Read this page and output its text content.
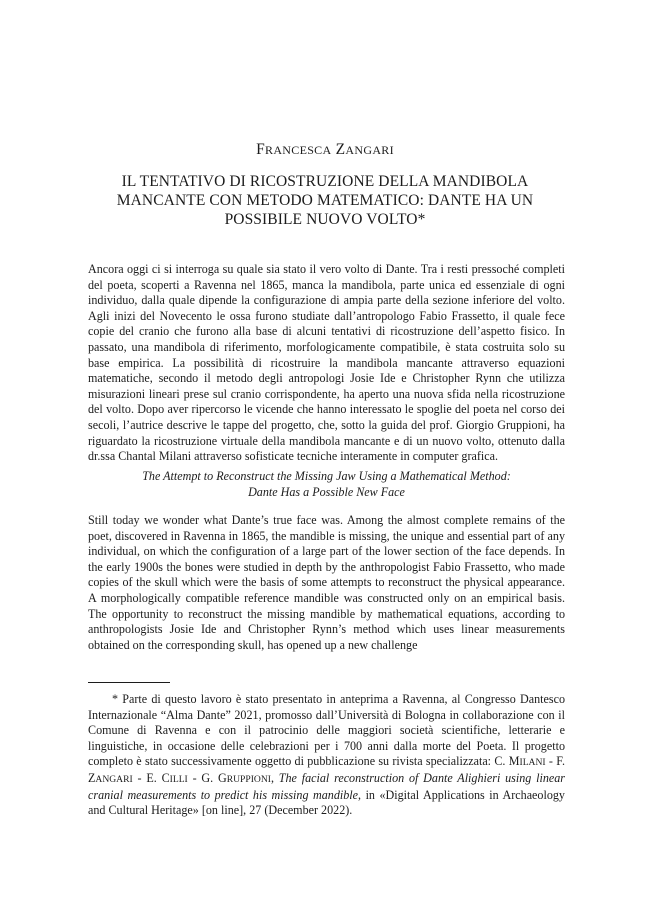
FRANCESCA ZANGARI
IL TENTATIVO DI RICOSTRUZIONE DELLA MANDIBOLA MANCANTE CON METODO MATEMATICO: DANTE HA UN POSSIBILE NUOVO VOLTO*

Ancora oggi ci si interroga su quale sia stato il vero volto di Dante. Tra i resti pressoché completi del poeta, scoperti a Ravenna nel 1865, manca la mandibola, parte unica ed essenziale di ogni individuo, dalla quale dipende la configurazione di ampia parte della sezione inferiore del volto. Agli inizi del Novecento le ossa furono studiate dall’antropologo Fabio Frassetto, il quale fece copie del cranio che furono alla base di alcuni tentativi di ricostruzione dell’aspetto fisico. In passato, una mandibola di riferimento, morfologicamente compatibile, è stata costruita solo su base empirica. La possibilità di ricostruire la mandibola mancante attraverso equazioni matematiche, secondo il metodo degli antropologi Josie Ide e Christopher Rynn che utilizza misurazioni lineari prese sul cranio corrispondente, ha aperto una nuova sfida nella ricostruzione del volto. Dopo aver ripercorso le vicende che hanno interessato le spoglie del poeta nel corso dei secoli, l’autrice descrive le tappe del progetto, che, sotto la guida del prof. Giorgio Gruppioni, ha riguardato la ricostruzione virtuale della mandibola mancante e di un nuovo volto, ottenuto dalla dr.ssa Chantal Milani attraverso sofisticate tecniche interamente in computer grafica.

The Attempt to Reconstruct the Missing Jaw Using a Mathematical Method:
Dante Has a Possible New Face

Still today we wonder what Dante’s true face was. Among the almost complete remains of the poet, discovered in Ravenna in 1865, the mandible is missing, the unique and essential part of any individual, on which the configuration of a large part of the lower section of the face depends. In the early 1900s the bones were studied in depth by the anthropologist Fabio Frassetto, who made copies of the skull which were the basis of some attempts to reconstruct the physical appearance. A morphologically compatible reference mandible was constructed only on an empirical basis. The opportunity to reconstruct the missing mandible by mathematical equations, according to anthropologists Josie Ide and Christopher Rynn’s method which uses linear measurements obtained on the corresponding skull, has opened up a new challenge

* Parte di questo lavoro è stato presentato in anteprima a Ravenna, al Congresso Dantesco Internazionale “Alma Dante” 2021, promosso dall’Università di Bologna in collaborazione con il Comune di Ravenna e con il patrocinio delle maggiori società scientifiche, letterarie e linguistiche, in occasione delle celebrazioni per i 700 anni dalla morte del Poeta. Il progetto completo è stato successivamente oggetto di pubblicazione su rivista specializzata: C. MILANI - F. ZANGARI - E. CILLI - G. GRUPPIONI, The facial reconstruction of Dante Alighieri using linear cranial measurements to predict his missing mandible, in «Digital Applications in Archaeology and Cultural Heritage» [on line], 27 (December 2022).
